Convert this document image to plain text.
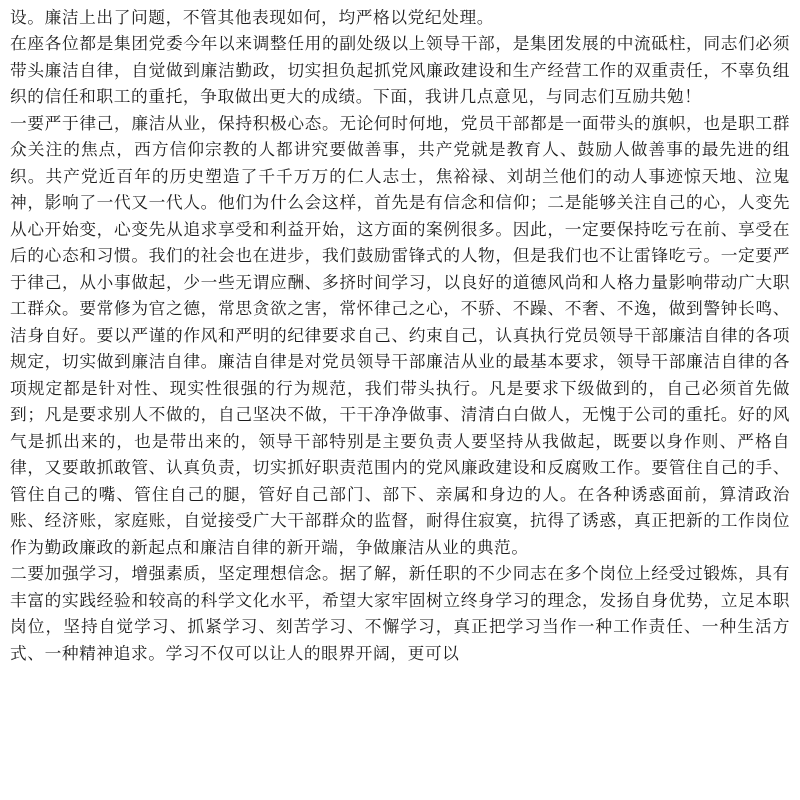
设。廉洁上出了问题，不管其他表现如何，均严格以党纪处理。

在座各位都是集团党委今年以来调整任用的副处级以上领导干部，是集团发展的中流砥柱，同志们必须带头廉洁自律，自觉做到廉洁勤政，切实担负起抓党风廉政建设和生产经营工作的双重责任，不辜负组织的信任和职工的重托，争取做出更大的成绩。下面，我讲几点意见，与同志们互励共勉！

一要严于律己，廉洁从业，保持积极心态。无论何时何地，党员干部都是一面带头的旗帜，也是职工群众关注的焦点，西方信仰宗教的人都讲究要做善事，共产党就是教育人、鼓励人做善事的最先进的组织。共产党近百年的历史塑造了千千万万的仁人志士，焦裕禄、刘胡兰他们的动人事迹惊天地、泣鬼神，影响了一代又一代人。他们为什么会这样，首先是有信念和信仰；二是能够关注自己的心，人变先从心开始变，心变先从追求享受和利益开始，这方面的案例很多。因此，一定要保持吃亏在前、享受在后的心态和习惯。我们的社会也在进步，我们鼓励雷锋式的人物，但是我们也不让雷锋吃亏。一定要严于律己，从小事做起，少一些无谓应酬、多挤时间学习，以良好的道德风尚和人格力量影响带动广大职工群众。要常修为官之德，常思贪欲之害，常怀律己之心，不骄、不躁、不奢、不逸，做到警钟长鸣、洁身自好。要以严谨的作风和严明的纪律要求自己、约束自己，认真执行党员领导干部廉洁自律的各项规定，切实做到廉洁自律。廉洁自律是对党员领导干部廉洁从业的最基本要求，领导干部廉洁自律的各项规定都是针对性、现实性很强的行为规范，我们带头执行。凡是要求下级做到的，自己必须首先做到；凡是要求别人不做的，自己坚决不做，干干净净做事、清清白白做人，无愧于公司的重托。好的风气是抓出来的，也是带出来的，领导干部特别是主要负责人要坚持从我做起，既要以身作则、严格自律，又要敢抓敢管、认真负责，切实抓好职责范围内的党风廉政建设和反腐败工作。要管住自己的手、管住自己的嘴、管住自己的腿，管好自己部门、部下、亲属和身边的人。在各种诱惑面前，算清政治账、经济账，家庭账，自觉接受广大干部群众的监督，耐得住寂寞，抗得了诱惑，真正把新的工作岗位作为勤政廉政的新起点和廉洁自律的新开端，争做廉洁从业的典范。

二要加强学习，增强素质，坚定理想信念。据了解，新任职的不少同志在多个岗位上经受过锻炼，具有丰富的实践经验和较高的科学文化水平，希望大家牢固树立终身学习的理念，发扬自身优势，立足本职岗位，坚持自觉学习、抓紧学习、刻苦学习、不懈学习，真正把学习当作一种工作责任、一种生活方式、一种精神追求。学习不仅可以让人的眼界开阔，更可以
